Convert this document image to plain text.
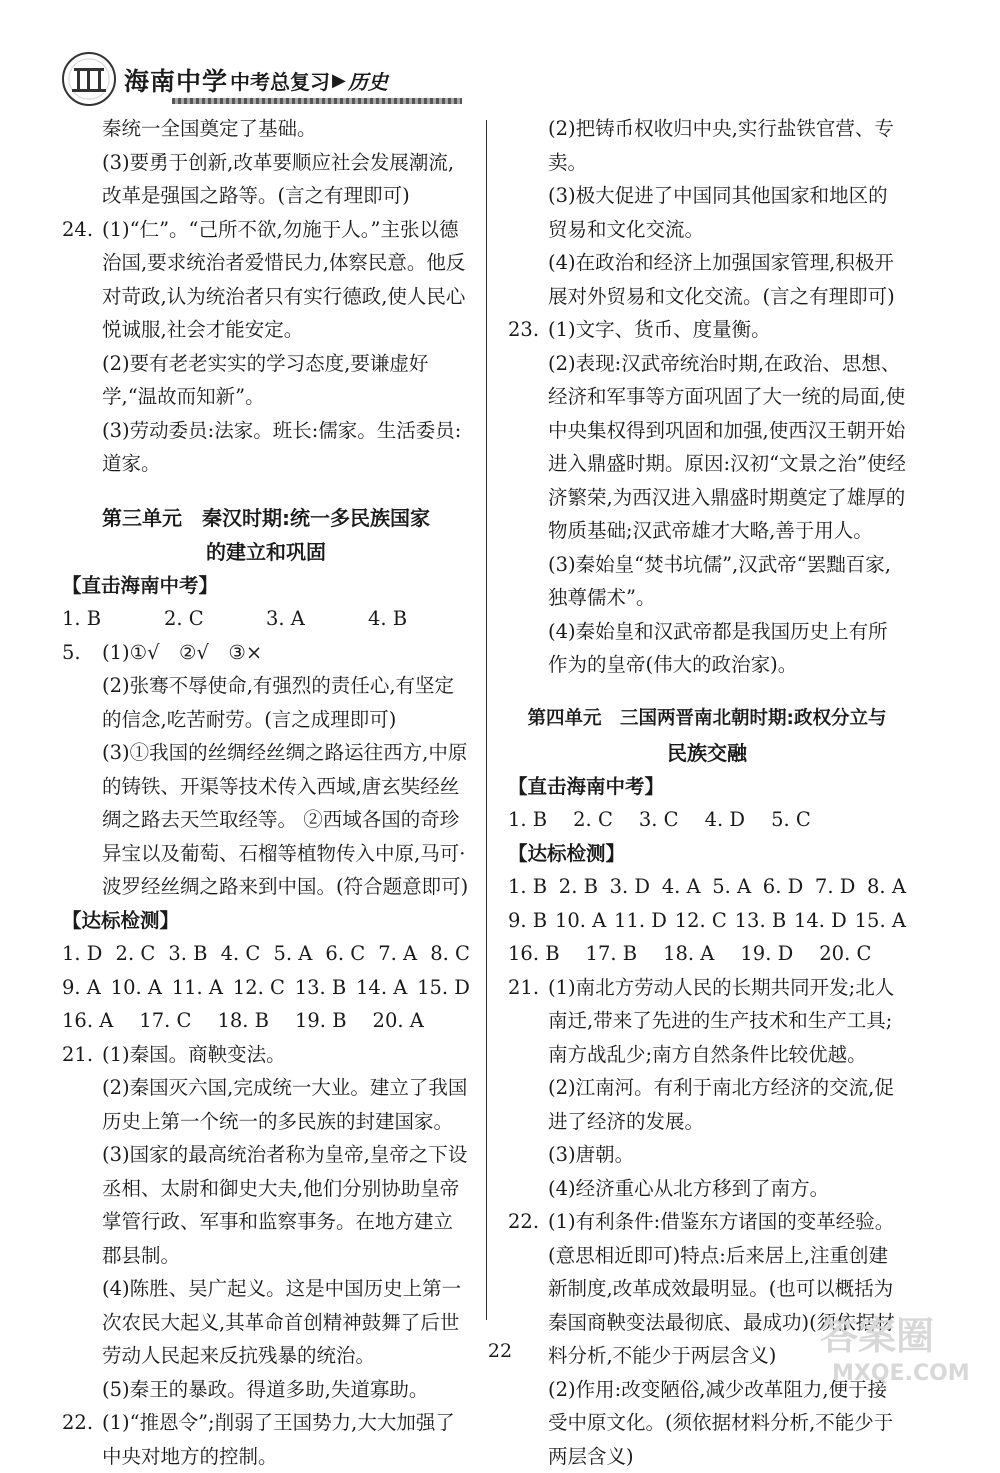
海南中学 中考总复习 ▶ 历史

秦统一全国奠定了基础。

(3)要勇于创新,改革要顺应社会发展潮流,

改革是强国之路等。(言之有理即可)

24. (1)“仁”。“己所不欲,勿施于人。”主张以德治国,要求统治者爱惜民力,体察民意。他反对苛政,认为统治者只有实行德政,使人民心悦诚服,社会才能安定。

(2)要有老老实实的学习态度,要谦虚好学,“温故而知新”。

(3)劳动委员:法家。班长:儒家。生活委员:道家。

第三单元　秦汉时期:统一多民族国家
的建立和巩固

【直击海南中考】

1. B	2. C	3. A	4. B
5.	(1)①√　②√　③×

(2)张骞不辱使命,有强烈的责任心,有坚定的信念,吃苦耐劳。(言之成理即可)

(3)①我国的丝绸经丝绸之路运往西方,中原的铸铁、开渠等技术传入西域,唐玄奘经丝绸之路去天竺取经等。 ②西域各国的奇珍异宝以及葡萄、石榴等植物传入中原,马可·波罗经丝绸之路来到中国。(符合题意即可)

【达标检测】

1. D 2. C 3. B 4. C 5. A 6. C 7. A 8. C
9. A 10. A 11. A 12. C 13. B 14. A 15. D
16. A 17. C 18. B 19. B 20. A
21. (1)秦国。商鞅变法。

(2)秦国灭六国,完成统一大业。建立了我国历史上第一个统一的多民族的封建国家。

(3)国家的最高统治者称为皇帝,皇帝之下设丞相、太尉和御史大夫,他们分别协助皇帝掌管行政、军事和监察事务。在地方建立郡县制。

(4)陈胜、吴广起义。这是中国历史上第一次农民大起义,其革命首创精神鼓舞了后世劳动人民起来反抗残暴的统治。

(5)秦王的暴政。得道多助,失道寡助。

22. (1)“推恩令”;削弱了王国势力,大大加强了中央对地方的控制。

(2)把铸币权收归中央,实行盐铁官营、专卖。

(3)极大促进了中国同其他国家和地区的贸易和文化交流。

(4)在政治和经济上加强国家管理,积极开展对外贸易和文化交流。(言之有理即可)

23. (1)文字、货币、度量衡。

(2)表现:汉武帝统治时期,在政治、思想、经济和军事等方面巩固了大一统的局面,使中央集权得到巩固和加强,使西汉王朝开始进入鼎盛时期。原因:汉初“文景之治”使经济繁荣,为西汉进入鼎盛时期奠定了雄厚的物质基础;汉武帝雄才大略,善于用人。

(3)秦始皇“焚书坑儒”,汉武帝“罢黜百家,独尊儒术”。

(4)秦始皇和汉武帝都是我国历史上有所作为的皇帝(伟大的政治家)。

第四单元　三国两晋南北朝时期:政权分立与
民族交融

【直击海南中考】

1. B 2. C 3. C 4. D 5. C

【达标检测】

1. B 2. B 3. D 4. A 5. A 6. D 7. D 8. A
9. B 10. A 11. D 12. C 13. B 14. D 15. A
16. B 17. B 18. A 19. D 20. C
21. (1)南北方劳动人民的长期共同开发;北人南迁,带来了先进的生产技术和生产工具;南方战乱少;南方自然条件比较优越。

(2)江南河。有利于南北方经济的交流,促进了经济的发展。

(3)唐朝。

(4)经济重心从北方移到了南方。

22. (1)有利条件:借鉴东方诸国的变革经验。(意思相近即可)特点:后来居上,注重创建新制度,改革成效最明显。(也可以概括为秦国商鞅变法最彻底、最成功)(须依据材料分析,不能少于两层含义)

(2)作用:改变陋俗,减少改革阻力,便于接受中原文化。(须依据材料分析,不能少于两层含义)

22	答案圈
MXQE.COM
